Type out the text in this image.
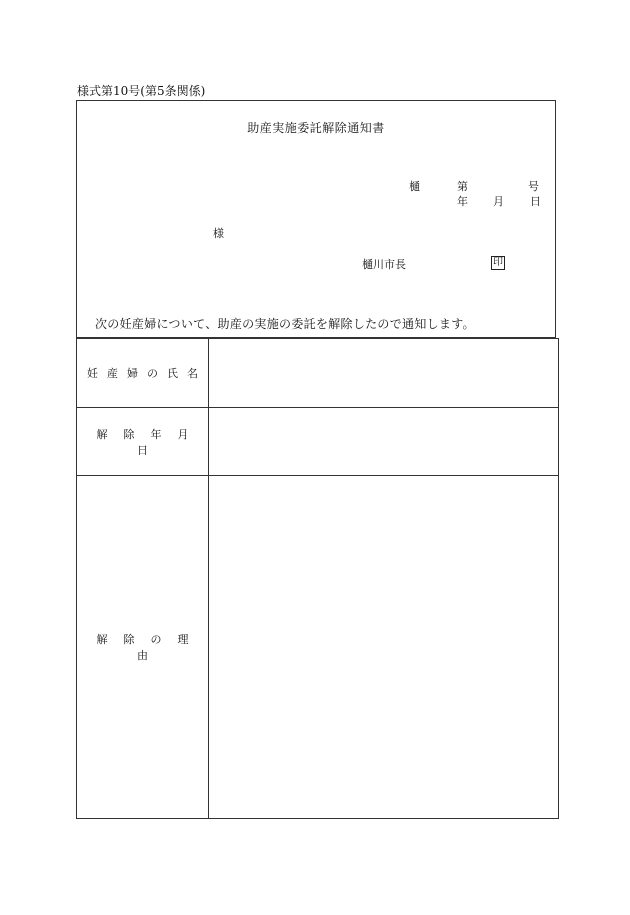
様式第10号(第5条関係)
助産実施委託解除通知書
樋	第	号
年 月 日
様
樋川市長	印
次の妊産婦について、助産の実施の委託を解除したので通知します。
妊 産 婦 の 氏 名	
解 除 年 月日	
解 除 の 理由	
